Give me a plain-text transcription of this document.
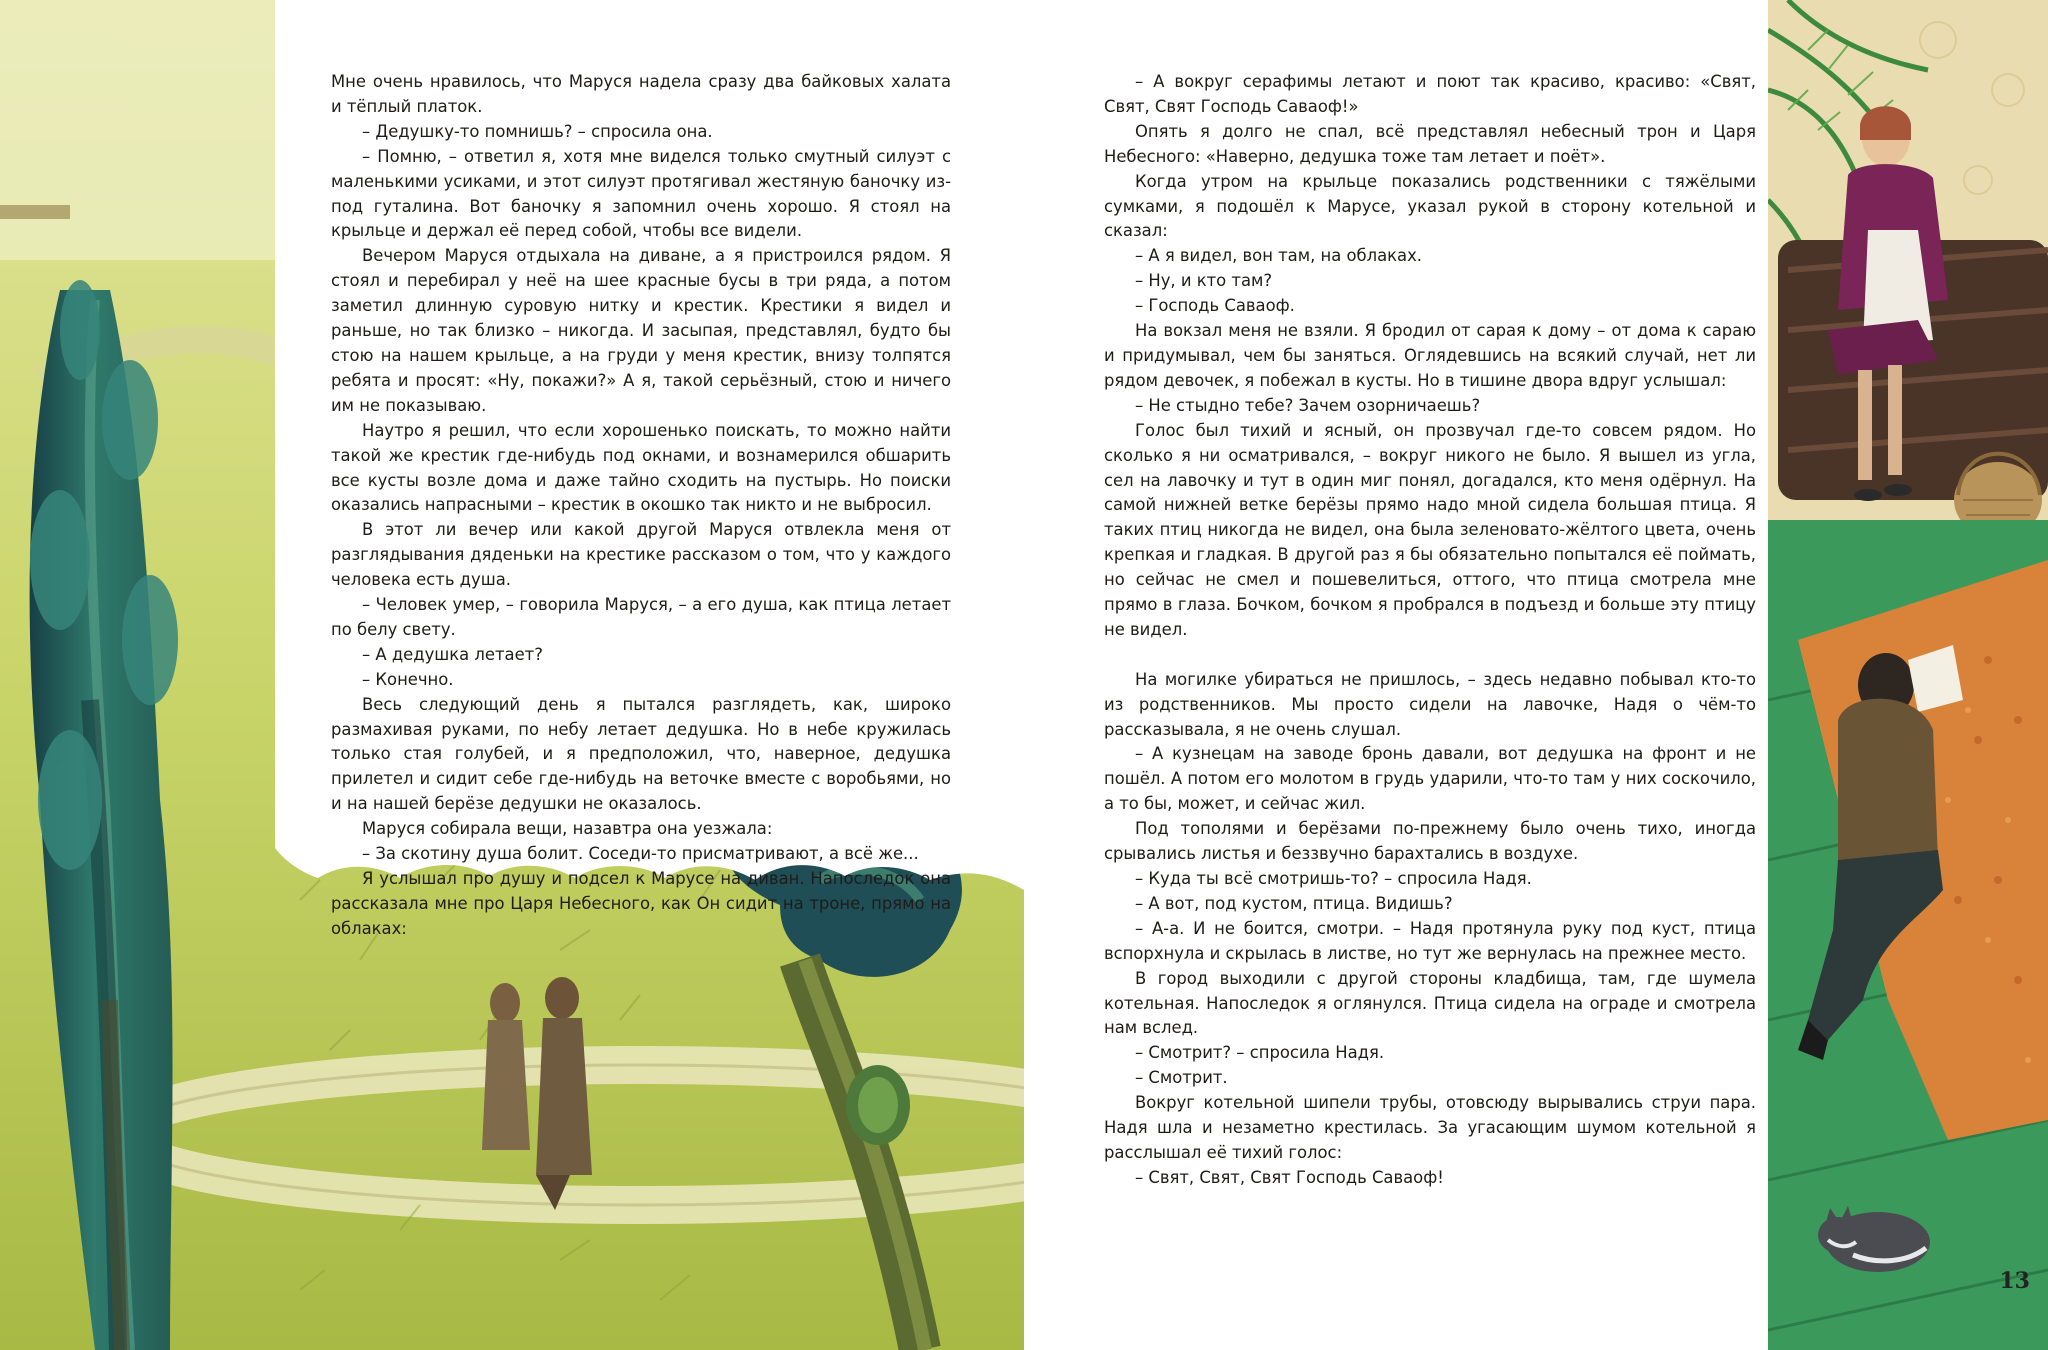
Мне очень нравилось, что Маруся надела сразу два байковых халата и тёплый платок.

– Дедушку-то помнишь? – спросила она.

– Помню, – ответил я, хотя мне виделся только смутный силуэт с маленькими усиками, и этот силуэт протягивал жестяную баночку из-под гуталина. Вот баночку я запомнил очень хорошо. Я стоял на крыльце и держал её перед собой, чтобы все видели.

Вечером Маруся отдыхала на диване, а я пристроился рядом. Я стоял и перебирал у неё на шее красные бусы в три ряда, а потом заметил длинную суровую нитку и крестик. Крестики я видел и раньше, но так близко – никогда. И засыпая, представлял, будто бы стою на нашем крыльце, а на груди у меня крестик, внизу толпятся ребята и просят: «Ну, покажи?» А я, такой серьёзный, стою и ничего им не показываю.

Наутро я решил, что если хорошенько поискать, то можно найти такой же крестик где-нибудь под окнами, и вознамерился обшарить все кусты возле дома и даже тайно сходить на пустырь. Но поиски оказались напрасными – крестик в окошко так никто и не выбросил.

В этот ли вечер или какой другой Маруся отвлекла меня от разглядывания дяденьки на крестике рассказом о том, что у каждого человека есть душа.

– Человек умер, – говорила Маруся, – а его душа, как птица летает по белу свету.

– А дедушка летает?

– Конечно.

Весь следующий день я пытался разглядеть, как, широко размахивая руками, по небу летает дедушка. Но в небе кружилась только стая голубей, и я предположил, что, наверное, дедушка прилетел и сидит себе где-нибудь на веточке вместе с воробьями, но и на нашей берёзе дедушки не оказалось.

Маруся собирала вещи, назавтра она уезжала:

– За скотину душа болит. Соседи-то присматривают, а всё же...

Я услышал про душу и подсел к Марусе на диван. Напоследок она рассказала мне про Царя Небесного, как Он сидит на троне, прямо на облаках:

– А вокруг серафимы летают и поют так красиво, красиво: «Свят, Свят, Свят Господь Саваоф!»

Опять я долго не спал, всё представлял небесный трон и Царя Небесного: «Наверно, дедушка тоже там летает и поёт».

Когда утром на крыльце показались родственники с тяжёлыми сумками, я подошёл к Марусе, указал рукой в сторону котельной и сказал:

– А я видел, вон там, на облаках.

– Ну, и кто там?

– Господь Саваоф.

На вокзал меня не взяли. Я бродил от сарая к дому – от дома к сараю и придумывал, чем бы заняться. Оглядевшись на всякий случай, нет ли рядом девочек, я побежал в кусты. Но в тишине двора вдруг услышал:

– Не стыдно тебе? Зачем озорничаешь?

Голос был тихий и ясный, он прозвучал где-то совсем рядом. Но сколько я ни осматривался, – вокруг никого не было. Я вышел из угла, сел на лавочку и тут в один миг понял, догадался, кто меня одёрнул. На самой нижней ветке берёзы прямо надо мной сидела большая птица. Я таких птиц никогда не видел, она была зеленовато-жёлтого цвета, очень крепкая и гладкая. В другой раз я бы обязательно попытался её поймать, но сейчас не смел и пошевелиться, оттого, что птица смотрела мне прямо в глаза. Бочком, бочком я пробрался в подъезд и больше эту птицу не видел.

На могилке убираться не пришлось, – здесь недавно побывал кто-то из родственников. Мы просто сидели на лавочке, Надя о чём-то рассказывала, я не очень слушал.

– А кузнецам на заводе бронь давали, вот дедушка на фронт и не пошёл. А потом его молотом в грудь ударили, что-то там у них соскочило, а то бы, может, и сейчас жил.

Под тополями и берёзами по-прежнему было очень тихо, иногда срывались листья и беззвучно барахтались в воздухе.

– Куда ты всё смотришь-то? – спросила Надя.

– А вот, под кустом, птица. Видишь?

– А-а. И не боится, смотри. – Надя протянула руку под куст, птица вспорхнула и скрылась в листве, но тут же вернулась на прежнее место.

В город выходили с другой стороны кладбища, там, где шумела котельная. Напоследок я оглянулся. Птица сидела на ограде и смотрела нам вслед.

– Смотрит? – спросила Надя.

– Смотрит.

Вокруг котельной шипели трубы, отовсюду вырывались струи пара. Надя шла и незаметно крестилась. За угасающим шумом котельной я расслышал её тихий голос:

– Свят, Свят, Свят Господь Саваоф!

13
